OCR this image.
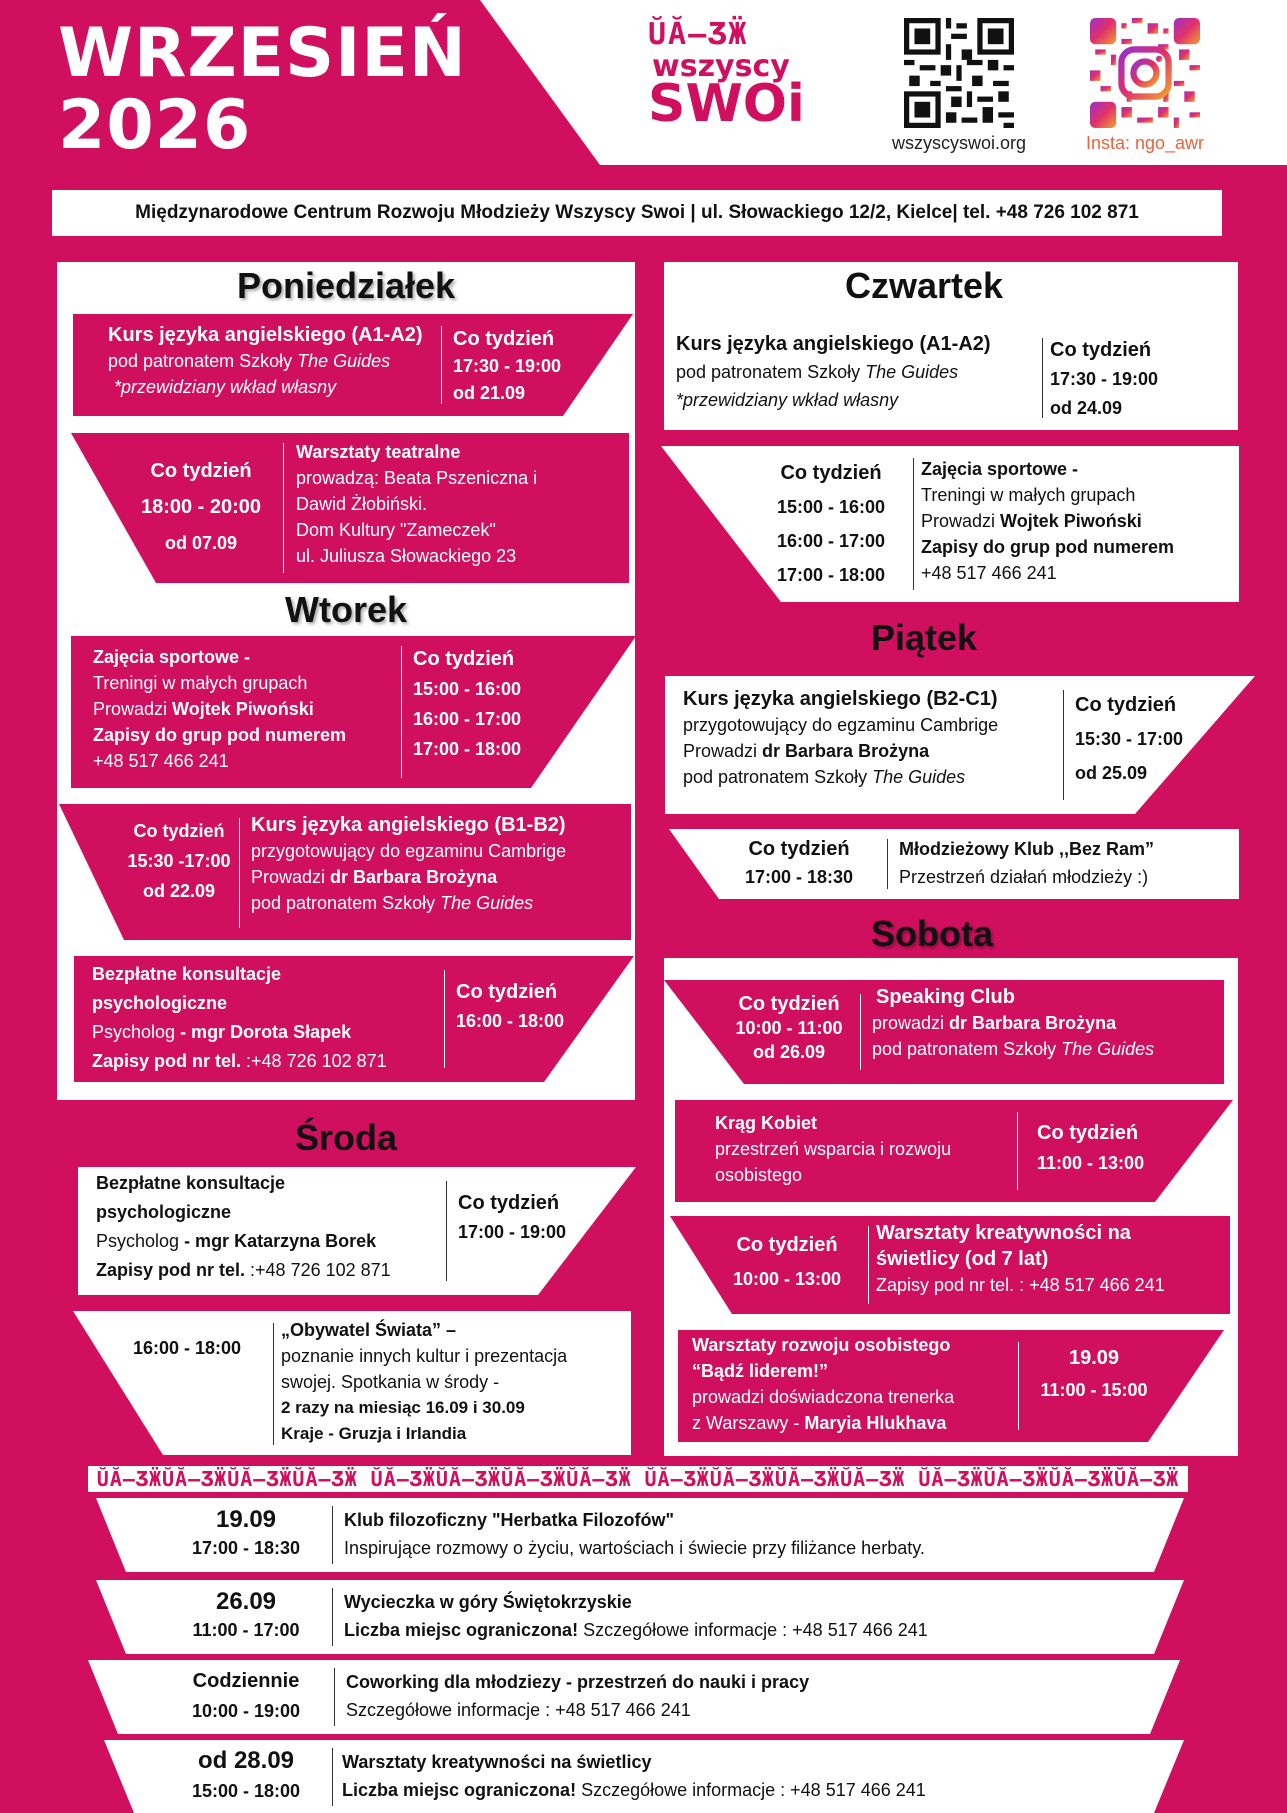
WRZESIEŃ
2026
ŬĂ–ӠӜ
wszyscy
SWOi
wszyscyswoi.org	Insta: ngo_awr
Międzynarodowe Centrum Rozwoju Młodzieży Wszyscy Swoi | ul. Słowackiego 12/2, Kielce| tel. +48 726 102 871
Poniedziałek
Kurs języka angielskiego (A1-A2)
pod patronatem Szkoły The Guides
*przewidziany wkład własny
Co tydzień
17:30 - 19:00
od 21.09
Co tydzień
18:00 - 20:00
od 07.09
Warsztaty teatralne
prowadzą: Beata Pszeniczna i
Dawid Żłobiński.
Dom Kultury "Zameczek"
ul. Juliusza Słowackiego 23
Wtorek
Zajęcia sportowe -
Treningi w małych grupach
Prowadzi Wojtek Piwoński
Zapisy do grup pod numerem
+48 517 466 241
Co tydzień
15:00 - 16:00
16:00 - 17:00
17:00 - 18:00
Co tydzień
15:30 -17:00
od 22.09
Kurs języka angielskiego (B1-B2)
przygotowujący do egzaminu Cambrige
Prowadzi dr Barbara Brożyna
pod patronatem Szkoły The Guides
Bezpłatne konsultacje
psychologiczne
Psycholog - mgr Dorota Słapek
Zapisy pod nr tel. :+48 726 102 871
Co tydzień
16:00 - 18:00
Środa
Bezpłatne konsultacje
psychologiczne
Psycholog - mgr Katarzyna Borek
Zapisy pod nr tel. :+48 726 102 871
Co tydzień
17:00 - 19:00
16:00 - 18:00
„Obywatel Świata” –
poznanie innych kultur i prezentacja
swojej. Spotkania w środy -
2 razy na miesiąc 16.09 i 30.09
Kraje - Gruzja i Irlandia
Czwartek
Kurs języka angielskiego (A1-A2)
pod patronatem Szkoły The Guides
*przewidziany wkład własny
Co tydzień
17:30 - 19:00
od 24.09
Co tydzień
15:00 - 16:00
16:00 - 17:00
17:00 - 18:00
Zajęcia sportowe -
Treningi w małych grupach
Prowadzi Wojtek Piwoński
Zapisy do grup pod numerem
+48 517 466 241
Piątek
Kurs języka angielskiego (B2-C1)
przygotowujący do egzaminu Cambrige
Prowadzi dr Barbara Brożyna
pod patronatem Szkoły The Guides
Co tydzień
15:30 - 17:00
od 25.09
Co tydzień
17:00 - 18:30
Młodzieżowy Klub ,,Bez Ram”
Przestrzeń działań młodzieży :)
Sobota
Co tydzień
10:00 - 11:00
od 26.09
Speaking Club
prowadzi dr Barbara Brożyna
pod patronatem Szkoły The Guides
Krąg Kobiet
przestrzeń wsparcia i rozwoju
osobistego
Co tydzień
11:00 - 13:00
Co tydzień
10:00 - 13:00
Warsztaty kreatywności na
świetlicy (od 7 lat)
Zapisy pod nr tel. : +48 517 466 241
Warsztaty rozwoju osobistego
“Bądź liderem!”
prowadzi doświadczona trenerka
z Warszawy - Maryia Hlukhava
19.09
11:00 - 15:00
ŬĂ–ӠӜŬĂ–ӠӜŬĂ–ӠӜŬĂ–ӠӜ ŬĂ–ӠӜŬĂ–ӠӜŬĂ–ӠӜŬĂ–ӠӜ ŬĂ–ӠӜŬĂ–ӠӜŬĂ–ӠӜŬĂ–ӠӜ ŬĂ–ӠӜŬĂ–ӠӜŬĂ–ӠӜŬĂ–ӠӜ
19.09
17:00 - 18:30
Klub filozoficzny "Herbatka Filozofów"
Inspirujące rozmowy o życiu, wartościach i świecie przy filiżance herbaty.
26.09
11:00 - 17:00
Wycieczka w góry Świętokrzyskie
Liczba miejsc ograniczona! Szczegółowe informacje : +48 517 466 241
Codziennie
10:00 - 19:00
Coworking dla młodziezy - przestrzeń do nauki i pracy
Szczegółowe informacje : +48 517 466 241
od 28.09
15:00 - 18:00
Warsztaty kreatywności na świetlicy
Liczba miejsc ograniczona! Szczegółowe informacje : +48 517 466 241
